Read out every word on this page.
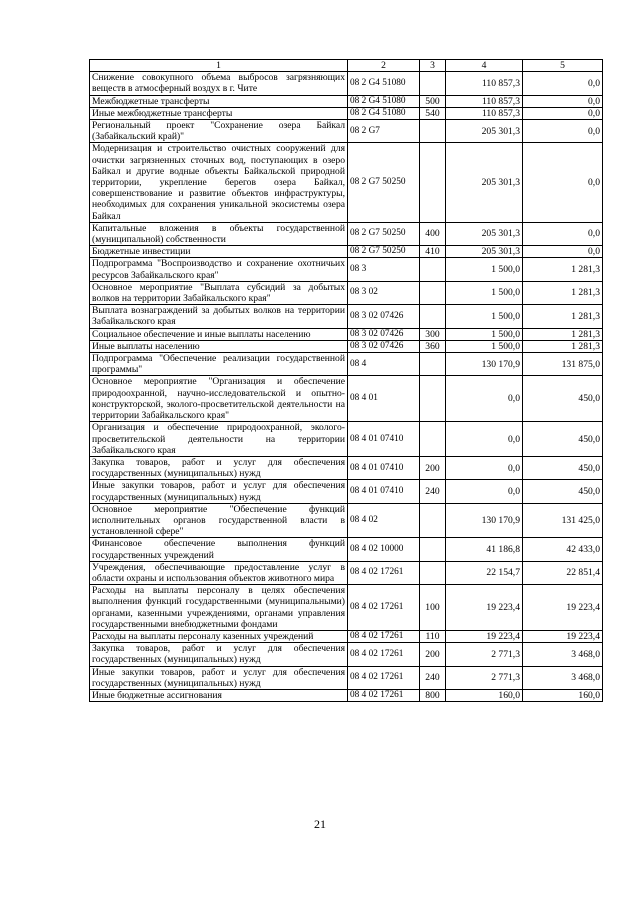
1	2	3	4	5
Снижение совокупного объема выбросов загрязняющих веществ в атмосферный воздух в г. Чите	08 2 G4 51080		110 857,3	0,0
Межбюджетные трансферты	08 2 G4 51080	500	110 857,3	0,0
Иные межбюджетные трансферты	08 2 G4 51080	540	110 857,3	0,0
Региональный проект "Сохранение озера Байкал (Забайкальский край)"	08 2 G7		205 301,3	0,0
Модернизация и строительство очистных сооружений для очистки загрязненных сточных вод, поступающих в озеро Байкал и другие водные объекты Байкальской природной территории, укрепление берегов озера Байкал, совершенствование и развитие объектов инфраструктуры, необходимых для сохранения уникальной экосистемы озера Байкал	08 2 G7 50250		205 301,3	0,0
Капитальные вложения в объекты государственной (муниципальной) собственности	08 2 G7 50250	400	205 301,3	0,0
Бюджетные инвестиции	08 2 G7 50250	410	205 301,3	0,0
Подпрограмма "Воспроизводство и сохранение охотничьих ресурсов Забайкальского края"	08 3		1 500,0	1 281,3
Основное мероприятие "Выплата субсидий за добытых волков на территории Забайкальского края"	08 3 02		1 500,0	1 281,3
Выплата вознаграждений за добытых волков на территории Забайкальского края	08 3 02 07426		1 500,0	1 281,3
Социальное обеспечение и иные выплаты населению	08 3 02 07426	300	1 500,0	1 281,3
Иные выплаты населению	08 3 02 07426	360	1 500,0	1 281,3
Подпрограмма "Обеспечение реализации государственной программы"	08 4		130 170,9	131 875,0
Основное мероприятие "Организация и обеспечение природоохранной, научно-исследовательской и опытно-конструкторской, эколого-просветительской деятельности на территории Забайкальского края"	08 4 01		0,0	450,0
Организация и обеспечение природоохранной, эколого-просветительской деятельности на территории Забайкальского края	08 4 01 07410		0,0	450,0
Закупка товаров, работ и услуг для обеспечения государственных (муниципальных) нужд	08 4 01 07410	200	0,0	450,0
Иные закупки товаров, работ и услуг для обеспечения государственных (муниципальных) нужд	08 4 01 07410	240	0,0	450,0
Основное мероприятие "Обеспечение функций исполнительных органов государственной власти в установленной сфере"	08 4 02		130 170,9	131 425,0
Финансовое обеспечение выполнения функций государственных учреждений	08 4 02 10000		41 186,8	42 433,0
Учреждения, обеспечивающие предоставление услуг в области охраны и использования объектов животного мира	08 4 02 17261		22 154,7	22 851,4
Расходы на выплаты персоналу в целях обеспечения выполнения функций государственными (муниципальными) органами, казенными учреждениями, органами управления государственными внебюджетными фондами	08 4 02 17261	100	19 223,4	19 223,4
Расходы на выплаты персоналу казенных учреждений	08 4 02 17261	110	19 223,4	19 223,4
Закупка товаров, работ и услуг для обеспечения государственных (муниципальных) нужд	08 4 02 17261	200	2 771,3	3 468,0
Иные закупки товаров, работ и услуг для обеспечения государственных (муниципальных) нужд	08 4 02 17261	240	2 771,3	3 468,0
Иные бюджетные ассигнования	08 4 02 17261	800	160,0	160,0
21
